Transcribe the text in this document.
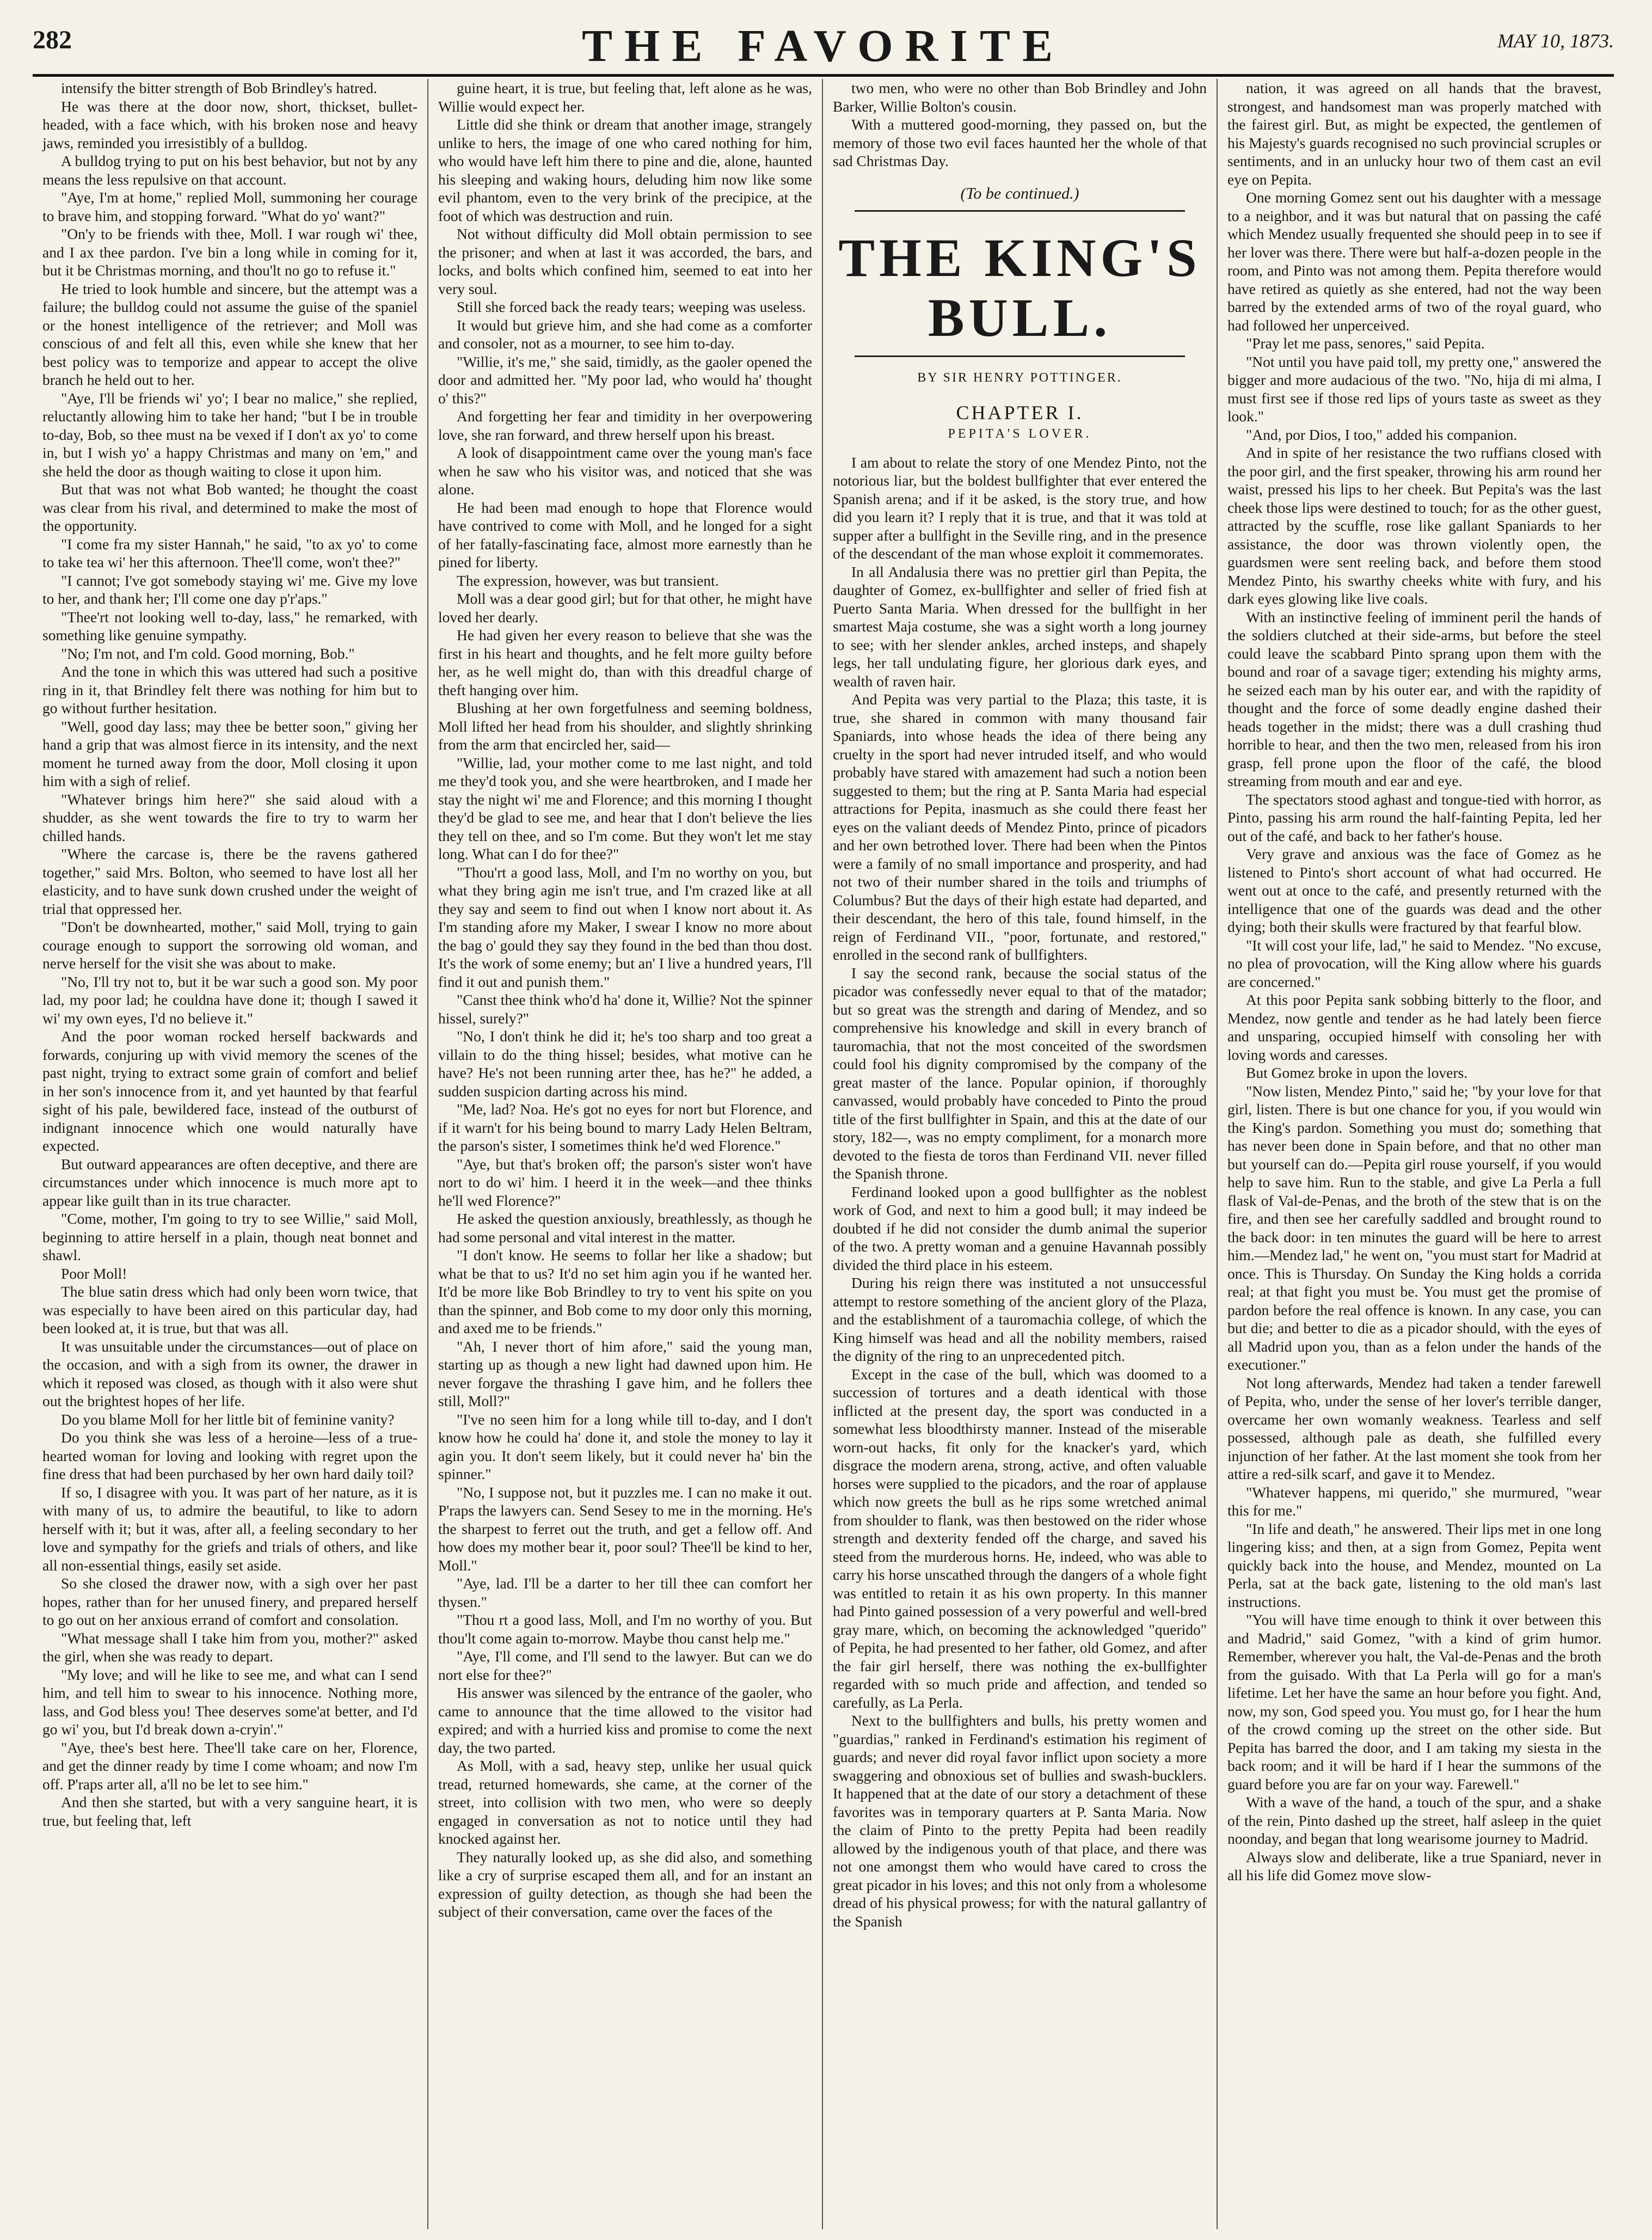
282	THE FAVORITE	MAY 10, 1873.

intensify the bitter strength of Bob Brindley's hatred.

He was there at the door now, short, thickset, bullet-headed, with a face which, with his broken nose and heavy jaws, reminded you irresistibly of a bulldog.

A bulldog trying to put on his best behavior, but not by any means the less repulsive on that account.

"Aye, I'm at home," replied Moll, summoning her courage to brave him, and stopping forward. "What do yo' want?"

"On'y to be friends with thee, Moll. I war rough wi' thee, and I ax thee pardon. I've bin a long while in coming for it, but it be Christmas morning, and thou'lt no go to refuse it."

He tried to look humble and sincere, but the attempt was a failure; the bulldog could not assume the guise of the spaniel or the honest intelligence of the retriever; and Moll was conscious of and felt all this, even while she knew that her best policy was to temporize and appear to accept the olive branch he held out to her.

"Aye, I'll be friends wi' yo'; I bear no malice," she replied, reluctantly allowing him to take her hand; "but I be in trouble to-day, Bob, so thee must na be vexed if I don't ax yo' to come in, but I wish yo' a happy Christmas and many on 'em," and she held the door as though waiting to close it upon him.

But that was not what Bob wanted; he thought the coast was clear from his rival, and determined to make the most of the opportunity.

"I come fra my sister Hannah," he said, "to ax yo' to come to take tea wi' her this afternoon. Thee'll come, won't thee?"

"I cannot; I've got somebody staying wi' me. Give my love to her, and thank her; I'll come one day p'r'aps."

"Thee'rt not looking well to-day, lass," he remarked, with something like genuine sympathy.

"No; I'm not, and I'm cold. Good morning, Bob."

And the tone in which this was uttered had such a positive ring in it, that Brindley felt there was nothing for him but to go without further hesitation.

"Well, good day lass; may thee be better soon," giving her hand a grip that was almost fierce in its intensity, and the next moment he turned away from the door, Moll closing it upon him with a sigh of relief.

"Whatever brings him here?" she said aloud with a shudder, as she went towards the fire to try to warm her chilled hands.

"Where the carcase is, there be the ravens gathered together," said Mrs. Bolton, who seemed to have lost all her elasticity, and to have sunk down crushed under the weight of trial that oppressed her.

"Don't be downhearted, mother," said Moll, trying to gain courage enough to support the sorrowing old woman, and nerve herself for the visit she was about to make.

"No, I'll try not to, but it be war such a good son. My poor lad, my poor lad; he couldna have done it; though I sawed it wi' my own eyes, I'd no believe it."

And the poor woman rocked herself backwards and forwards, conjuring up with vivid memory the scenes of the past night, trying to extract some grain of comfort and belief in her son's innocence from it, and yet haunted by that fearful sight of his pale, bewildered face, instead of the outburst of indignant innocence which one would naturally have expected.

But outward appearances are often deceptive, and there are circumstances under which innocence is much more apt to appear like guilt than in its true character.

"Come, mother, I'm going to try to see Willie," said Moll, beginning to attire herself in a plain, though neat bonnet and shawl.

Poor Moll!

The blue satin dress which had only been worn twice, that was especially to have been aired on this particular day, had been looked at, it is true, but that was all.

It was unsuitable under the circumstances—out of place on the occasion, and with a sigh from its owner, the drawer in which it reposed was closed, as though with it also were shut out the brightest hopes of her life.

Do you blame Moll for her little bit of feminine vanity?

Do you think she was less of a heroine—less of a true-hearted woman for loving and looking with regret upon the fine dress that had been purchased by her own hard daily toil?

If so, I disagree with you. It was part of her nature, as it is with many of us, to admire the beautiful, to like to adorn herself with it; but it was, after all, a feeling secondary to her love and sympathy for the griefs and trials of others, and like all non-essential things, easily set aside.

So she closed the drawer now, with a sigh over her past hopes, rather than for her unused finery, and prepared herself to go out on her anxious errand of comfort and consolation.

"What message shall I take him from you, mother?" asked the girl, when she was ready to depart.

"My love; and will he like to see me, and what can I send him, and tell him to swear to his innocence. Nothing more, lass, and God bless you! Thee deserves some'at better, and I'd go wi' you, but I'd break down a-cryin'."

"Aye, thee's best here. Thee'll take care on her, Florence, and get the dinner ready by time I come whoam; and now I'm off. P'raps arter all, a'll no be let to see him."

And then she started, but with a very sanguine heart, it is true, but feeling that, left

guine heart, it is true, but feeling that, left alone as he was, Willie would expect her.

Little did she think or dream that another image, strangely unlike to hers, the image of one who cared nothing for him, who would have left him there to pine and die, alone, haunted his sleeping and waking hours, deluding him now like some evil phantom, even to the very brink of the precipice, at the foot of which was destruction and ruin.

Not without difficulty did Moll obtain permission to see the prisoner; and when at last it was accorded, the bars, and locks, and bolts which confined him, seemed to eat into her very soul.

Still she forced back the ready tears; weeping was useless.

It would but grieve him, and she had come as a comforter and consoler, not as a mourner, to see him to-day.

"Willie, it's me," she said, timidly, as the gaoler opened the door and admitted her. "My poor lad, who would ha' thought o' this?"

And forgetting her fear and timidity in her overpowering love, she ran forward, and threw herself upon his breast.

A look of disappointment came over the young man's face when he saw who his visitor was, and noticed that she was alone.

He had been mad enough to hope that Florence would have contrived to come with Moll, and he longed for a sight of her fatally-fascinating face, almost more earnestly than he pined for liberty.

The expression, however, was but transient.

Moll was a dear good girl; but for that other, he might have loved her dearly.

He had given her every reason to believe that she was the first in his heart and thoughts, and he felt more guilty before her, as he well might do, than with this dreadful charge of theft hanging over him.

Blushing at her own forgetfulness and seeming boldness, Moll lifted her head from his shoulder, and slightly shrinking from the arm that encircled her, said—

"Willie, lad, your mother come to me last night, and told me they'd took you, and she were heartbroken, and I made her stay the night wi' me and Florence; and this morning I thought they'd be glad to see me, and hear that I don't believe the lies they tell on thee, and so I'm come. But they won't let me stay long. What can I do for thee?"

"Thou'rt a good lass, Moll, and I'm no worthy on you, but what they bring agin me isn't true, and I'm crazed like at all they say and seem to find out when I know nort about it. As I'm standing afore my Maker, I swear I know no more about the bag o' gould they say they found in the bed than thou dost. It's the work of some enemy; but an' I live a hundred years, I'll find it out and punish them."

"Canst thee think who'd ha' done it, Willie? Not the spinner hissel, surely?"

"No, I don't think he did it; he's too sharp and too great a villain to do the thing hissel; besides, what motive can he have? He's not been running arter thee, has he?" he added, a sudden suspicion darting across his mind.

"Me, lad? Noa. He's got no eyes for nort but Florence, and if it warn't for his being bound to marry Lady Helen Beltram, the parson's sister, I sometimes think he'd wed Florence."

"Aye, but that's broken off; the parson's sister won't have nort to do wi' him. I heerd it in the week—and thee thinks he'll wed Florence?"

He asked the question anxiously, breathlessly, as though he had some personal and vital interest in the matter.

"I don't know. He seems to follar her like a shadow; but what be that to us? It'd no set him agin you if he wanted her. It'd be more like Bob Brindley to try to vent his spite on you than the spinner, and Bob come to my door only this morning, and axed me to be friends."

"Ah, I never thort of him afore," said the young man, starting up as though a new light had dawned upon him. He never forgave the thrashing I gave him, and he follers thee still, Moll?"

"I've no seen him for a long while till to-day, and I don't know how he could ha' done it, and stole the money to lay it agin you. It don't seem likely, but it could never ha' bin the spinner."

"No, I suppose not, but it puzzles me. I can no make it out. P'raps the lawyers can. Send Sesey to me in the morning. He's the sharpest to ferret out the truth, and get a fellow off. And how does my mother bear it, poor soul? Thee'll be kind to her, Moll."

"Aye, lad. I'll be a darter to her till thee can comfort her thysen."

"Thou rt a good lass, Moll, and I'm no worthy of you. But thou'lt come again to-morrow. Maybe thou canst help me."

"Aye, I'll come, and I'll send to the lawyer. But can we do nort else for thee?"

His answer was silenced by the entrance of the gaoler, who came to announce that the time allowed to the visitor had expired; and with a hurried kiss and promise to come the next day, the two parted.

As Moll, with a sad, heavy step, unlike her usual quick tread, returned homewards, she came, at the corner of the street, into collision with two men, who were so deeply engaged in conversation as not to notice until they had knocked against her.

They naturally looked up, as she did also, and something like a cry of surprise escaped them all, and for an instant an expression of guilty detection, as though she had been the subject of their conversation, came over the faces of the

two men, who were no other than Bob Brindley and John Barker, Willie Bolton's cousin.

With a muttered good-morning, they passed on, but the memory of those two evil faces haunted her the whole of that sad Christmas Day.

(To be continued.)
THE KING'S BULL.
BY SIR HENRY POTTINGER.
CHAPTER I.
PEPITA'S LOVER.

I am about to relate the story of one Mendez Pinto, not the notorious liar, but the boldest bullfighter that ever entered the Spanish arena; and if it be asked, is the story true, and how did you learn it? I reply that it is true, and that it was told at supper after a bullfight in the Seville ring, and in the presence of the descendant of the man whose exploit it commemorates.

In all Andalusia there was no prettier girl than Pepita, the daughter of Gomez, ex-bullfighter and seller of fried fish at Puerto Santa Maria. When dressed for the bullfight in her smartest Maja costume, she was a sight worth a long journey to see; with her slender ankles, arched insteps, and shapely legs, her tall undulating figure, her glorious dark eyes, and wealth of raven hair.

And Pepita was very partial to the Plaza; this taste, it is true, she shared in common with many thousand fair Spaniards, into whose heads the idea of there being any cruelty in the sport had never intruded itself, and who would probably have stared with amazement had such a notion been suggested to them; but the ring at P. Santa Maria had especial attractions for Pepita, inasmuch as she could there feast her eyes on the valiant deeds of Mendez Pinto, prince of picadors and her own betrothed lover. There had been when the Pintos were a family of no small importance and prosperity, and had not two of their number shared in the toils and triumphs of Columbus? But the days of their high estate had departed, and their descendant, the hero of this tale, found himself, in the reign of Ferdinand VII., "poor, fortunate, and restored," enrolled in the second rank of bullfighters.

I say the second rank, because the social status of the picador was confessedly never equal to that of the matador; but so great was the strength and daring of Mendez, and so comprehensive his knowledge and skill in every branch of tauromachia, that not the most conceited of the swordsmen could fool his dignity compromised by the company of the great master of the lance. Popular opinion, if thoroughly canvassed, would probably have conceded to Pinto the proud title of the first bullfighter in Spain, and this at the date of our story, 182—, was no empty compliment, for a monarch more devoted to the fiesta de toros than Ferdinand VII. never filled the Spanish throne.

Ferdinand looked upon a good bullfighter as the noblest work of God, and next to him a good bull; it may indeed be doubted if he did not consider the dumb animal the superior of the two. A pretty woman and a genuine Havannah possibly divided the third place in his esteem.

During his reign there was instituted a not unsuccessful attempt to restore something of the ancient glory of the Plaza, and the establishment of a tauromachia college, of which the King himself was head and all the nobility members, raised the dignity of the ring to an unprecedented pitch.

Except in the case of the bull, which was doomed to a succession of tortures and a death identical with those inflicted at the present day, the sport was conducted in a somewhat less bloodthirsty manner. Instead of the miserable worn-out hacks, fit only for the knacker's yard, which disgrace the modern arena, strong, active, and often valuable horses were supplied to the picadors, and the roar of applause which now greets the bull as he rips some wretched animal from shoulder to flank, was then bestowed on the rider whose strength and dexterity fended off the charge, and saved his steed from the murderous horns. He, indeed, who was able to carry his horse unscathed through the dangers of a whole fight was entitled to retain it as his own property. In this manner had Pinto gained possession of a very powerful and well-bred gray mare, which, on becoming the acknowledged "querido" of Pepita, he had presented to her father, old Gomez, and after the fair girl herself, there was nothing the ex-bullfighter regarded with so much pride and affection, and tended so carefully, as La Perla.

Next to the bullfighters and bulls, his pretty women and "guardias," ranked in Ferdinand's estimation his regiment of guards; and never did royal favor inflict upon society a more swaggering and obnoxious set of bullies and swash-bucklers. It happened that at the date of our story a detachment of these favorites was in temporary quarters at P. Santa Maria. Now the claim of Pinto to the pretty Pepita had been readily allowed by the indigenous youth of that place, and there was not one amongst them who would have cared to cross the great picador in his loves; and this not only from a wholesome dread of his physical prowess; for with the natural gallantry of the Spanish

nation, it was agreed on all hands that the bravest, strongest, and handsomest man was properly matched with the fairest girl. But, as might be expected, the gentlemen of his Majesty's guards recognised no such provincial scruples or sentiments, and in an unlucky hour two of them cast an evil eye on Pepita.

One morning Gomez sent out his daughter with a message to a neighbor, and it was but natural that on passing the café which Mendez usually frequented she should peep in to see if her lover was there. There were but half-a-dozen people in the room, and Pinto was not among them. Pepita therefore would have retired as quietly as she entered, had not the way been barred by the extended arms of two of the royal guard, who had followed her unperceived.

"Pray let me pass, senores," said Pepita.

"Not until you have paid toll, my pretty one," answered the bigger and more audacious of the two. "No, hija di mi alma, I must first see if those red lips of yours taste as sweet as they look."

"And, por Dios, I too," added his companion.

And in spite of her resistance the two ruffians closed with the poor girl, and the first speaker, throwing his arm round her waist, pressed his lips to her cheek. But Pepita's was the last cheek those lips were destined to touch; for as the other guest, attracted by the scuffle, rose like gallant Spaniards to her assistance, the door was thrown violently open, the guardsmen were sent reeling back, and before them stood Mendez Pinto, his swarthy cheeks white with fury, and his dark eyes glowing like live coals.

With an instinctive feeling of imminent peril the hands of the soldiers clutched at their side-arms, but before the steel could leave the scabbard Pinto sprang upon them with the bound and roar of a savage tiger; extending his mighty arms, he seized each man by his outer ear, and with the rapidity of thought and the force of some deadly engine dashed their heads together in the midst; there was a dull crashing thud horrible to hear, and then the two men, released from his iron grasp, fell prone upon the floor of the café, the blood streaming from mouth and ear and eye.

The spectators stood aghast and tongue-tied with horror, as Pinto, passing his arm round the half-fainting Pepita, led her out of the café, and back to her father's house.

Very grave and anxious was the face of Gomez as he listened to Pinto's short account of what had occurred. He went out at once to the café, and presently returned with the intelligence that one of the guards was dead and the other dying; both their skulls were fractured by that fearful blow.

"It will cost your life, lad," he said to Mendez. "No excuse, no plea of provocation, will the King allow where his guards are concerned."

At this poor Pepita sank sobbing bitterly to the floor, and Mendez, now gentle and tender as he had lately been fierce and unsparing, occupied himself with consoling her with loving words and caresses.

But Gomez broke in upon the lovers.

"Now listen, Mendez Pinto," said he; "by your love for that girl, listen. There is but one chance for you, if you would win the King's pardon. Something you must do; something that has never been done in Spain before, and that no other man but yourself can do.—Pepita girl rouse yourself, if you would help to save him. Run to the stable, and give La Perla a full flask of Val-de-Penas, and the broth of the stew that is on the fire, and then see her carefully saddled and brought round to the back door: in ten minutes the guard will be here to arrest him.—Mendez lad," he went on, "you must start for Madrid at once. This is Thursday. On Sunday the King holds a corrida real; at that fight you must be. You must get the promise of pardon before the real offence is known. In any case, you can but die; and better to die as a picador should, with the eyes of all Madrid upon you, than as a felon under the hands of the executioner."

Not long afterwards, Mendez had taken a tender farewell of Pepita, who, under the sense of her lover's terrible danger, overcame her own womanly weakness. Tearless and self possessed, although pale as death, she fulfilled every injunction of her father. At the last moment she took from her attire a red-silk scarf, and gave it to Mendez.

"Whatever happens, mi querido," she murmured, "wear this for me."

"In life and death," he answered. Their lips met in one long lingering kiss; and then, at a sign from Gomez, Pepita went quickly back into the house, and Mendez, mounted on La Perla, sat at the back gate, listening to the old man's last instructions.

"You will have time enough to think it over between this and Madrid," said Gomez, "with a kind of grim humor. Remember, wherever you halt, the Val-de-Penas and the broth from the guisado. With that La Perla will go for a man's lifetime. Let her have the same an hour before you fight. And, now, my son, God speed you. You must go, for I hear the hum of the crowd coming up the street on the other side. But Pepita has barred the door, and I am taking my siesta in the back room; and it will be hard if I hear the summons of the guard before you are far on your way. Farewell."

With a wave of the hand, a touch of the spur, and a shake of the rein, Pinto dashed up the street, half asleep in the quiet noonday, and began that long wearisome journey to Madrid.

Always slow and deliberate, like a true Spaniard, never in all his life did Gomez move slow-
